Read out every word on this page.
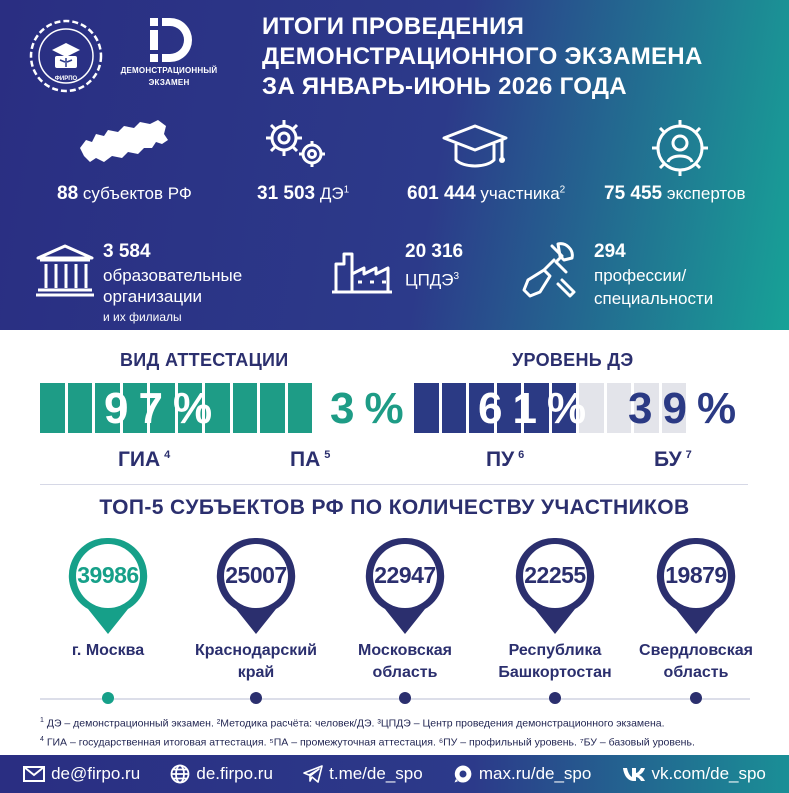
ФИРПО
ДЕМОНСТРАЦИОННЫЙ
ЭКЗАМЕН
ИТОГИ ПРОВЕДЕНИЯ
ДЕМОНСТРАЦИОННОГО ЭКЗАМЕНА
ЗА ЯНВАРЬ-ИЮНЬ 2026 ГОДА
88 субъектов РФ	31 503 $ДЭ^1$	601 444 участника$^2$ 75 455 экспертов
3 584
образовательные
организации
и их филиалы
20 316
ЦПДЭ$^3$
294
профессии/
специальности
ВИД АТТЕСТАЦИИ	УРОВЕНЬ ДЭ
97% 3% 61% 39%
ГИА $^4$	ПА $^5$	ПУ $^6$	БУ $^7$
ТОП-5 СУБЪЕКТОВ РФ ПО КОЛИЧЕСТВУ УЧАСТНИКОВ
39986
г. Москва
25007
Краснодарский
край
22947
Московская
область
22255
Республика
Башкортостан
19879
Свердловская
область
$^1$ ДЭ – демонстрационный экзамен. ²Методика расчёта: человек/ДЭ. ³ЦПДЭ – Центр проведения демонстрационного экзамена.
$^4$ ГИА – государственная итоговая аттестация. ⁵ПА – промежуточная аттестация. ⁶ПУ – профильный уровень. ⁷БУ – базовый уровень.
de@firpo.ru	de.firpo.ru	t.me/de_spo	max.ru/de_spo	vk.com/de_spo
